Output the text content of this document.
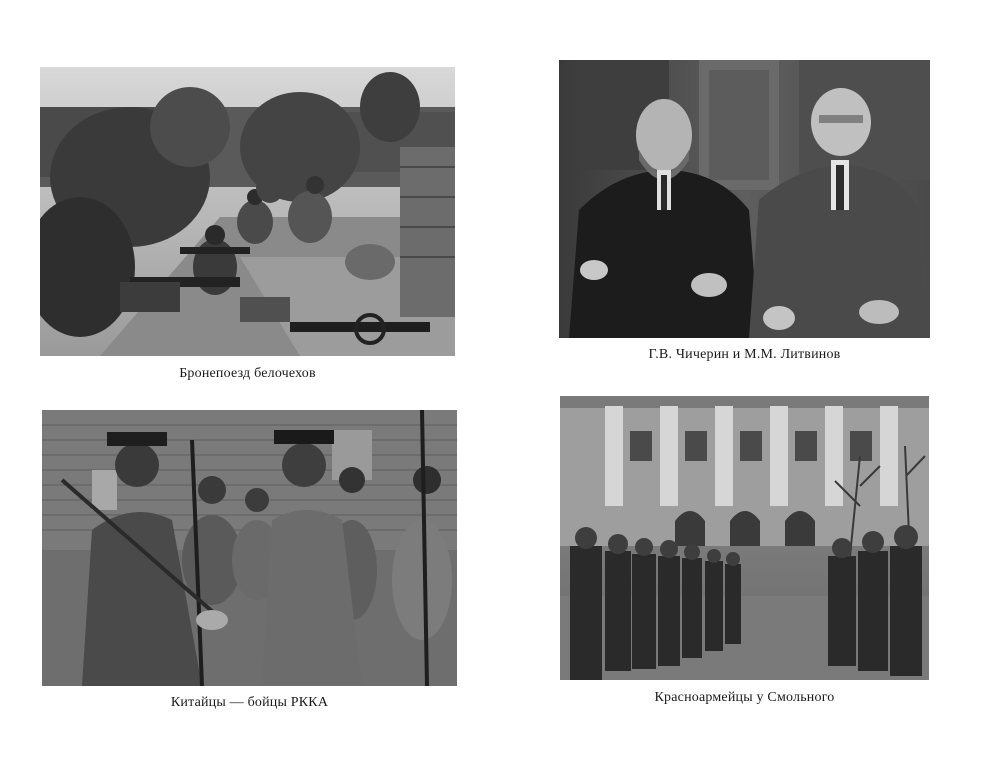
Бронепоезд белочехов
Г.В. Чичерин и М.М. Литвинов
Китайцы — бойцы РККА	Красноармейцы у Смольного
